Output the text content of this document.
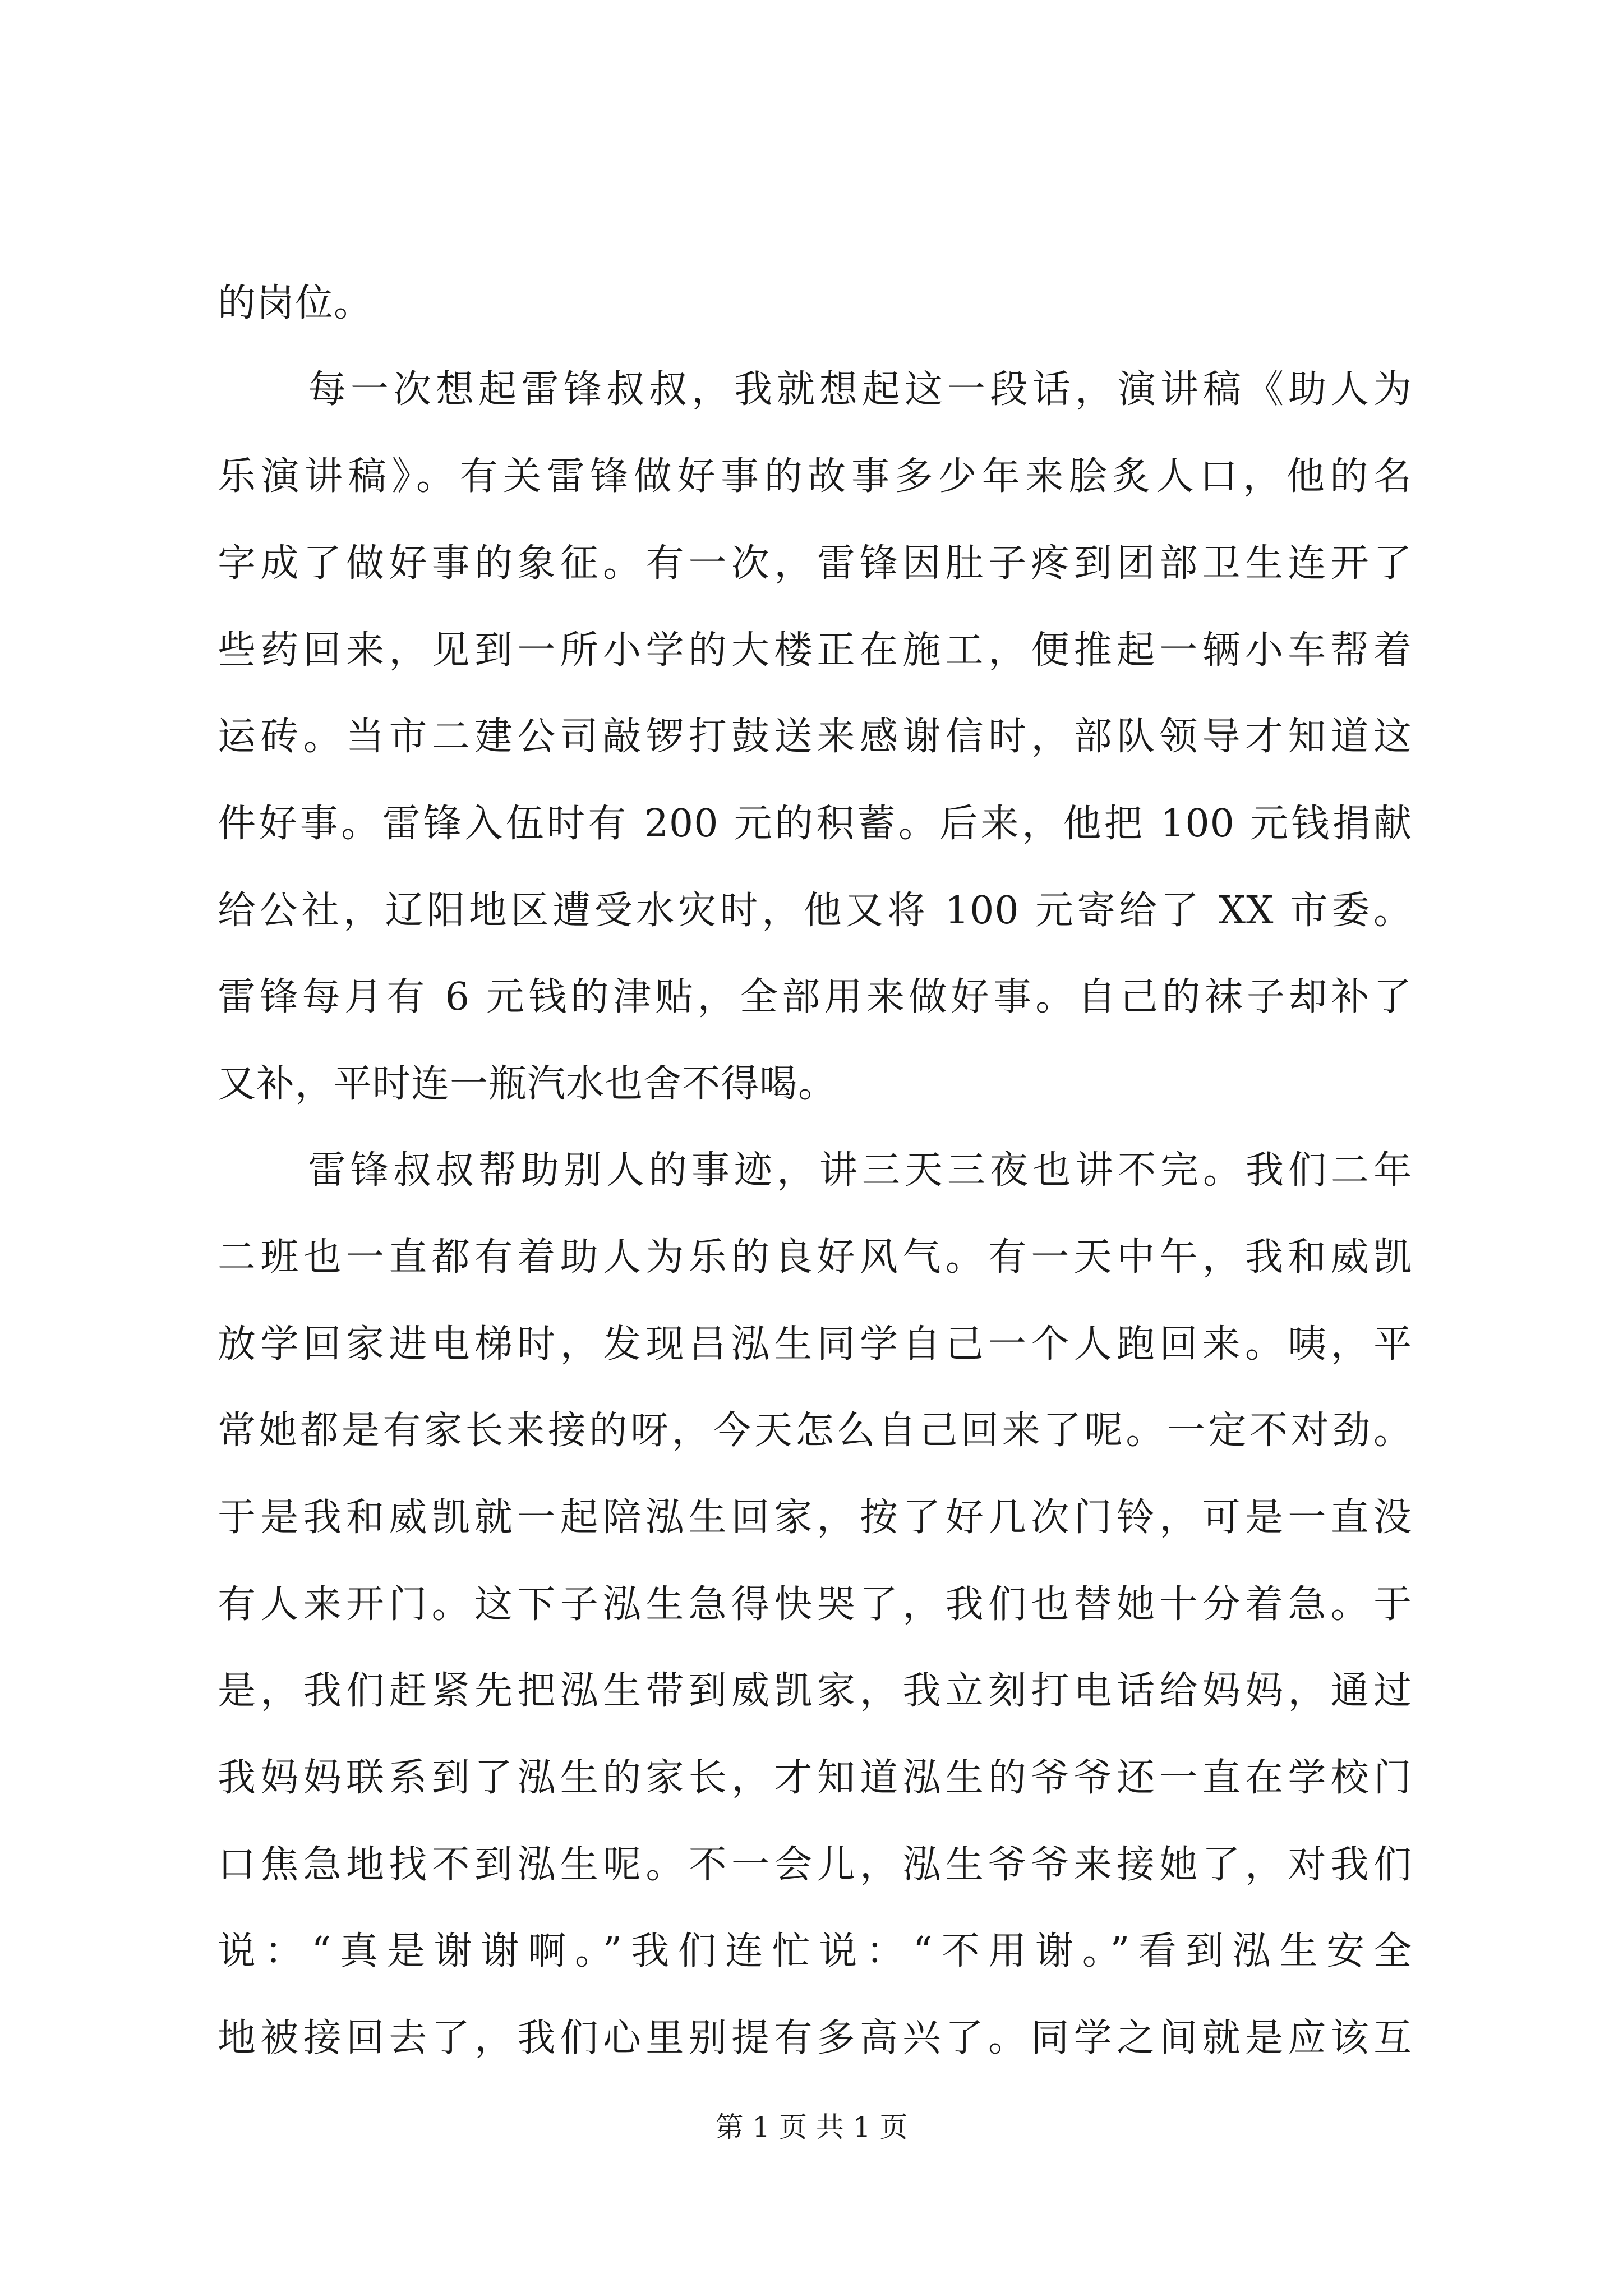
的岗位。
每一次想起雷锋叔叔，我就想起这一段话，演讲稿《助人为
乐演讲稿》。有关雷锋做好事的故事多少年来脍炙人口，他的名
字成了做好事的象征。有一次，雷锋因肚子疼到团部卫生连开了
些药回来，见到一所小学的大楼正在施工，便推起一辆小车帮着
运砖。当市二建公司敲锣打鼓送来感谢信时，部队领导才知道这
件好事。雷锋入伍时有 200 元的积蓄。后来，他把 100 元钱捐献
给公社，辽阳地区遭受水灾时，他又将 100 元寄给了 XX 市委。
雷锋每月有 6 元钱的津贴，全部用来做好事。自己的袜子却补了
又补，平时连一瓶汽水也舍不得喝。
雷锋叔叔帮助别人的事迹，讲三天三夜也讲不完。我们二年
二班也一直都有着助人为乐的良好风气。有一天中午，我和威凯
放学回家进电梯时，发现吕泓生同学自己一个人跑回来。咦，平
常她都是有家长来接的呀，今天怎么自己回来了呢。一定不对劲。
于是我和威凯就一起陪泓生回家，按了好几次门铃，可是一直没
有人来开门。这下子泓生急得快哭了，我们也替她十分着急。于
是，我们赶紧先把泓生带到威凯家，我立刻打电话给妈妈，通过
我妈妈联系到了泓生的家长，才知道泓生的爷爷还一直在学校门
口焦急地找不到泓生呢。不一会儿，泓生爷爷来接她了，对我们
说：“真是谢谢啊。”我们连忙说：“不用谢。”看到泓生安全
地被接回去了，我们心里别提有多高兴了。同学之间就是应该互
第 1 页 共 1 页
